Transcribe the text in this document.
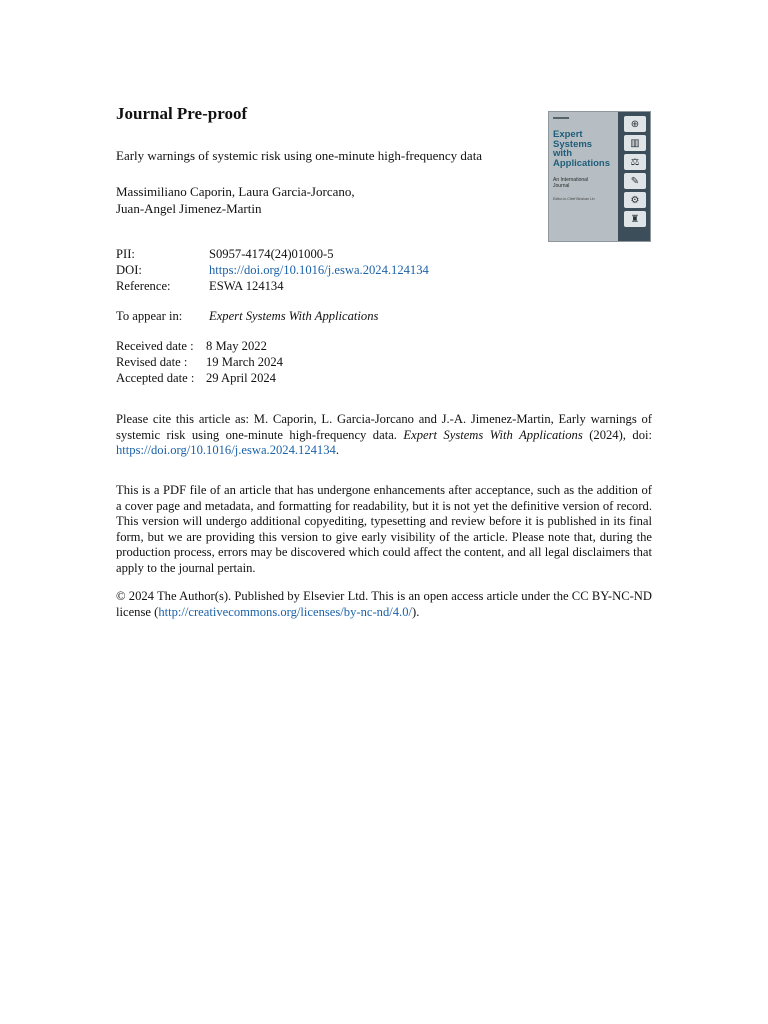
Journal Pre-proof
Early warnings of systemic risk using one-minute high-frequency data
Massimiliano Caporin, Laura Garcia-Jorcano,
Juan-Angel Jimenez-Martin
Expert
Systems
with
Applications
An International Journal
Editor-in-Chief Binshan Lin
⊕
▥
⚖
✎
⚙
♜
PII:	S0957-4174(24)01000-5
DOI:	https://doi.org/10.1016/j.eswa.2024.124134
Reference:	ESWA 124134
To appear in:	Expert Systems With Applications
Received date : 8 May 2022
Revised date :	19 March 2024
Accepted date : 29 April 2024
Please cite this article as: M. Caporin, L. Garcia-Jorcano and J.-A. Jimenez-Martin, Early warnings of systemic risk using one-minute high-frequency data. Expert Systems With Applications (2024), doi: https://doi.org/10.1016/j.eswa.2024.124134.
This is a PDF file of an article that has undergone enhancements after acceptance, such as the addition of a cover page and metadata, and formatting for readability, but it is not yet the definitive version of record. This version will undergo additional copyediting, typesetting and review before it is published in its final form, but we are providing this version to give early visibility of the article. Please note that, during the production process, errors may be discovered which could affect the content, and all legal disclaimers that apply to the journal pertain.
© 2024 The Author(s). Published by Elsevier Ltd. This is an open access article under the CC BY-NC-ND license (http://creativecommons.org/licenses/by-nc-nd/4.0/).
